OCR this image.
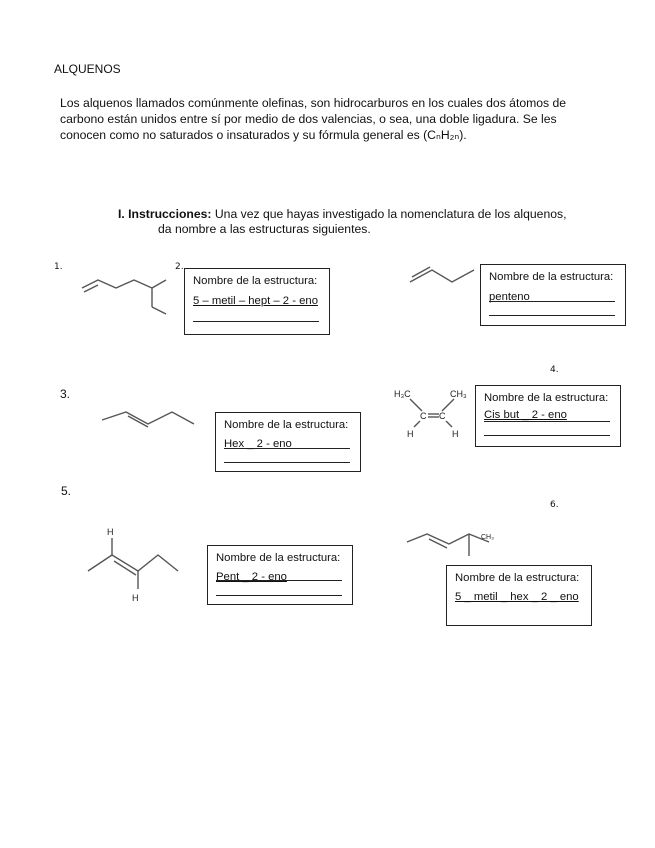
ALQUENOS
Los alquenos llamados comúnmente olefinas, son hidrocarburos en los cuales dos átomos de carbono están unidos entre sí por medio de dos valencias, o sea, una doble ligadura. Se les conocen como no saturados o insaturados y su fórmula general es (CₙH₂ₙ).
I. Instrucciones: Una vez que hayas investigado la nomenclatura de los alquenos,
da nombre a las estructuras siguientes.
1.	2.
3.
4.
5.
6.
Nombre de la estructura:
5 – metil – hept – 2 - eno
Nombre de la estructura:
penteno
Nombre de la estructura:
Hex _ 2 - eno
H₃C	CH₃
C C
H	H
Nombre de la estructura:
Cis but _ 2 - eno
H
H
Nombre de la estructura:
Pent _ 2 - eno
CH₃
Nombre de la estructura:
5 _ metil _ hex _ 2 _ eno
